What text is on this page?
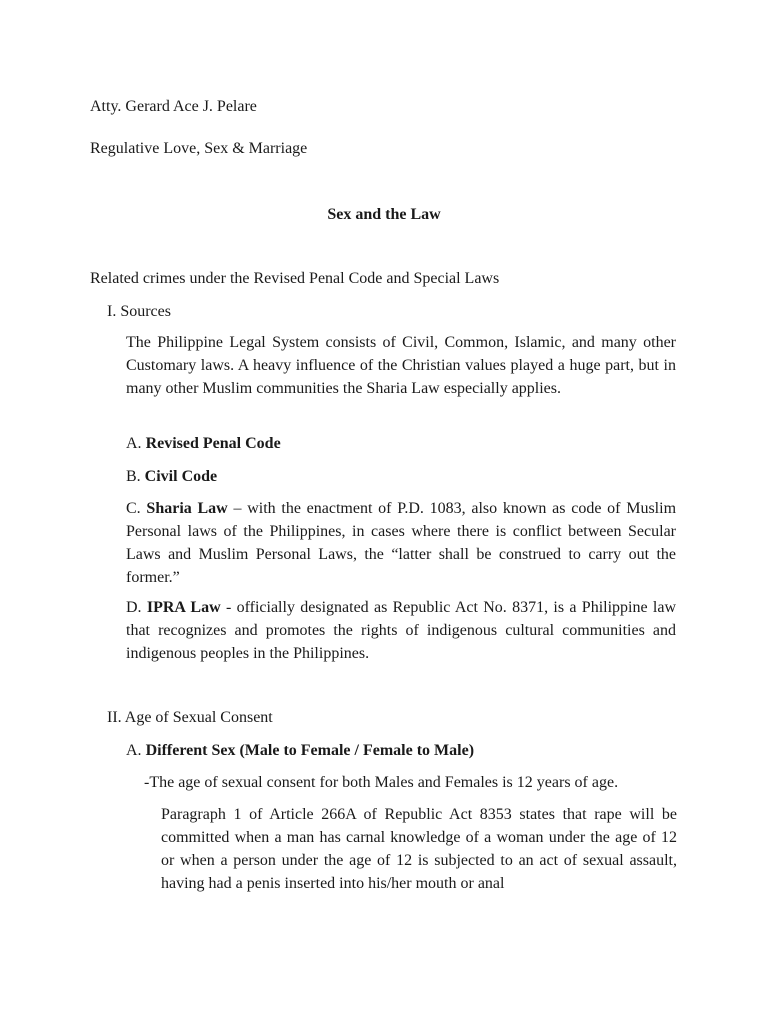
Atty. Gerard Ace J. Pelare
Regulative Love, Sex & Marriage
Sex and the Law
Related crimes under the Revised Penal Code and Special Laws
I. Sources
The Philippine Legal System consists of Civil, Common, Islamic, and many other Customary laws. A heavy influence of the Christian values played a huge part, but in many other Muslim communities the Sharia Law especially applies.
A. Revised Penal Code
B. Civil Code
C. Sharia Law – with the enactment of P.D. 1083, also known as code of Muslim Personal laws of the Philippines, in cases where there is conflict between Secular Laws and Muslim Personal Laws, the “latter shall be construed to carry out the former.”
D. IPRA Law - officially designated as Republic Act No. 8371, is a Philippine law that recognizes and promotes the rights of indigenous cultural communities and indigenous peoples in the Philippines.
II. Age of Sexual Consent
A. Different Sex (Male to Female / Female to Male)
-The age of sexual consent for both Males and Females is 12 years of age.
Paragraph 1 of Article 266A of Republic Act 8353 states that rape will be committed when a man has carnal knowledge of a woman under the age of 12 or when a person under the age of 12 is subjected to an act of sexual assault, having had a penis inserted into his/her mouth or anal
